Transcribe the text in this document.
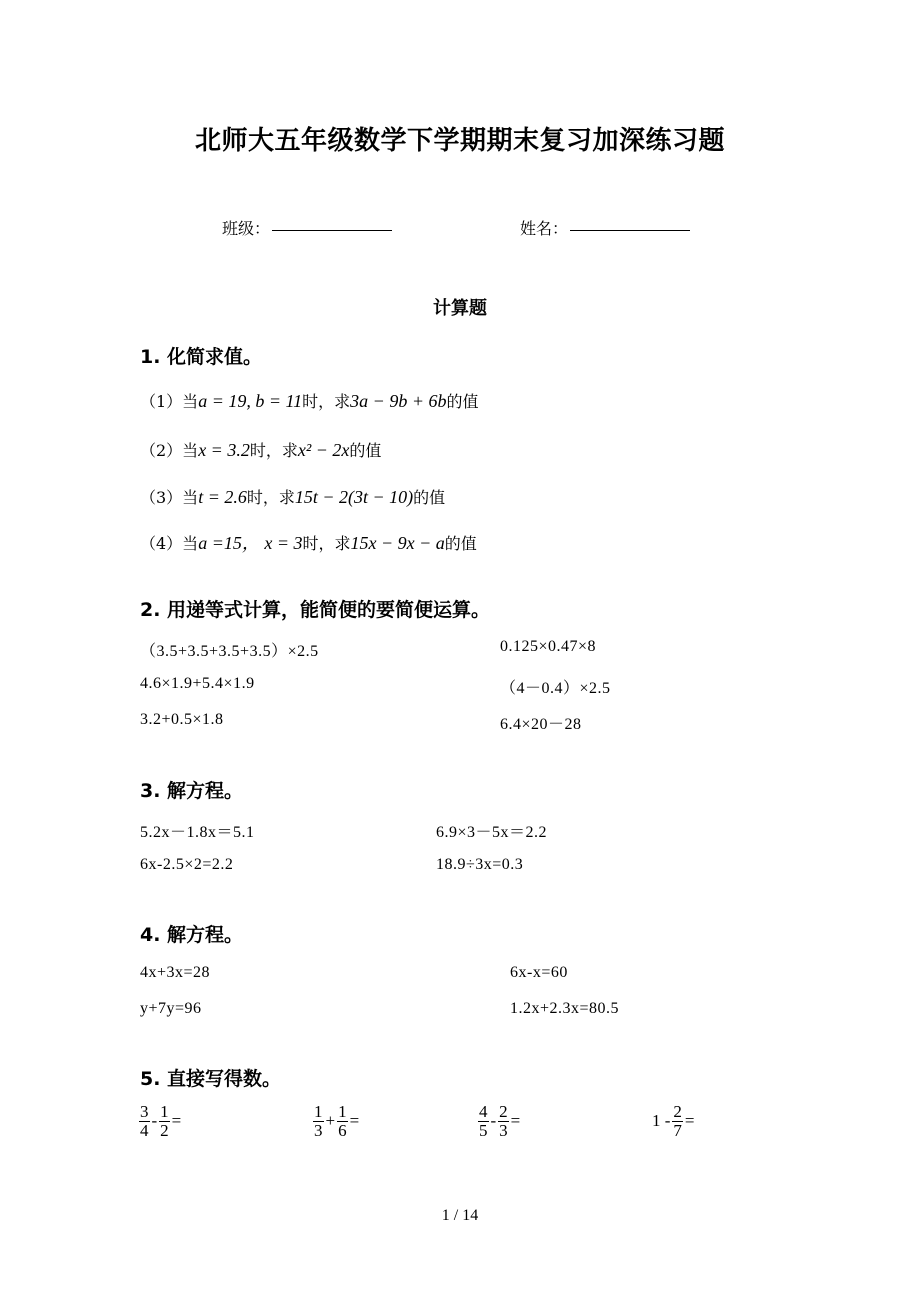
北师大五年级数学下学期期末复习加深练习题
班级：	姓名：
计算题
1. 化简求值。
（1）当a = 19, b = 11时，求3a − 9b + 6b的值
（2）当x = 3.2时，求x² − 2x的值
（3）当t = 2.6时，求15t − 2(3t − 10)的值
（4）当a =15， x = 3时，求15x − 9x − a的值
2. 用递等式计算，能简便的要简便运算。
（3.5+3.5+3.5+3.5）×2.5	0.125×0.47×8
4.6×1.9+5.4×1.9	（4－0.4）×2.5
3.2+0.5×1.8	6.4×20－28
3. 解方程。
5.2x－1.8x＝5.1	6.9×3－5x＝2.2
6x-2.5×2=2.2	18.9÷3x=0.3
4. 解方程。
4x+3x=28	6x-x=60
y+7y=96	1.2x+2.3x=80.5
5. 直接写得数。
$\frac{3}{4} - \frac{1}{2}$ =	$\frac{1}{3} + \frac{1}{6}$ =	$\frac{4}{5} - \frac{2}{3}$ =	$1 - \frac{2}{7}$ =
1 / 14
